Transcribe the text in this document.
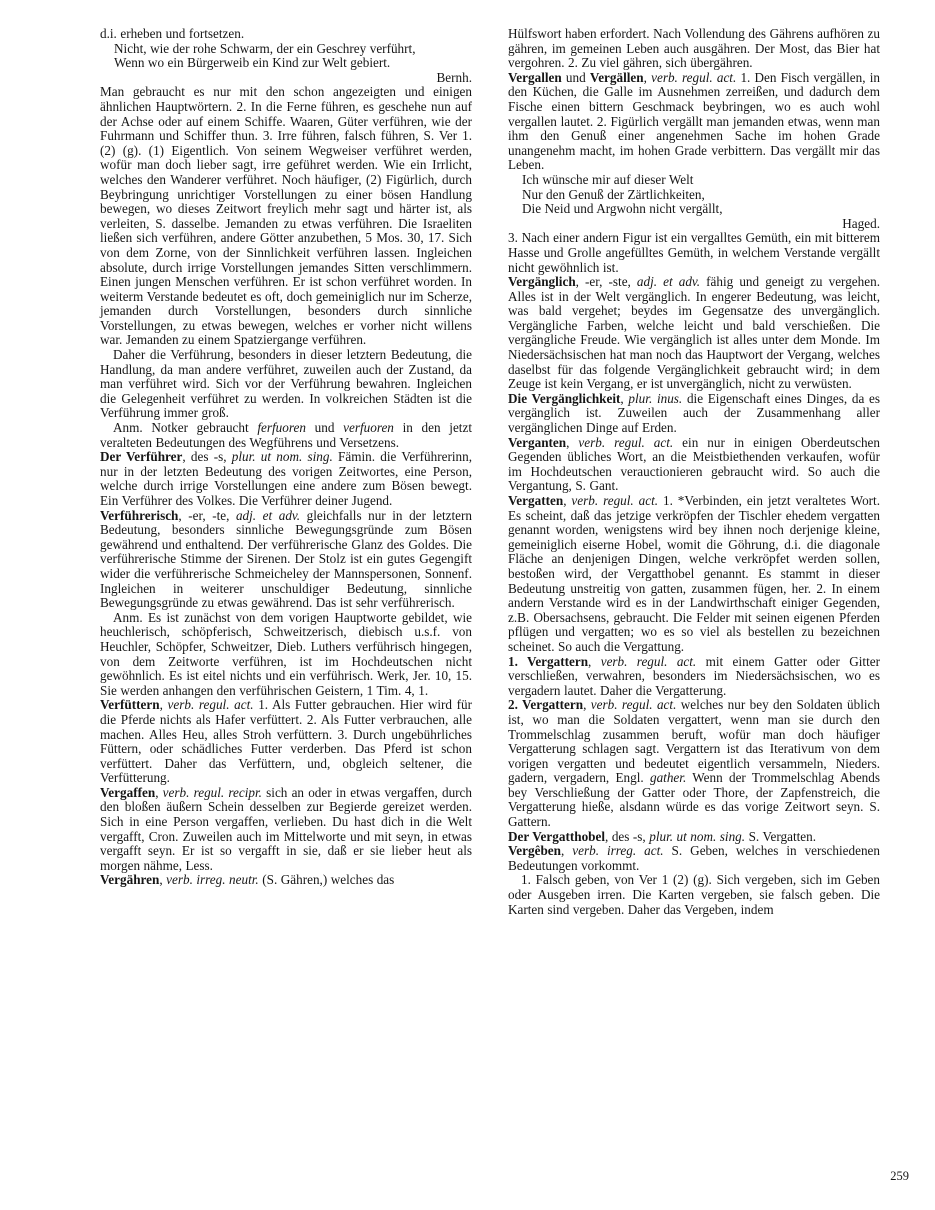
d.i. erheben und fortsetzen.

Nicht, wie der rohe Schwarm, der ein Geschrey verführt,

Wenn wo ein Bürgerweib ein Kind zur Welt gebiert.

Bernh.

Man gebraucht es nur mit den schon angezeigten und einigen ähnlichen Hauptwörtern. 2. In die Ferne führen, es geschehe nun auf der Achse oder auf einem Schiffe. Waaren, Güter verführen, wie der Fuhrmann und Schiffer thun. 3. Irre führen, falsch führen, S. Ver 1. (2) (g). (1) Eigentlich. Von seinem Wegweiser verführet werden, wofür man doch lieber sagt, irre geführet werden. Wie ein Irrlicht, welches den Wanderer verführet. Noch häufiger, (2) Figürlich, durch Beybringung unrichtiger Vorstellungen zu einer bösen Handlung bewegen, wo dieses Zeitwort freylich mehr sagt und härter ist, als verleiten, S. dasselbe. Jemanden zu etwas verführen. Die Israeliten ließen sich verführen, andere Götter anzubethen, 5 Mos. 30, 17. Sich von dem Zorne, von der Sinnlichkeit verführen lassen. Ingleichen absolute, durch irrige Vorstellungen jemandes Sitten verschlimmern. Einen jungen Menschen verführen. Er ist schon verführet worden. In weiterm Verstande bedeutet es oft, doch gemeiniglich nur im Scherze, jemanden durch Vorstellungen, besonders durch sinnliche Vorstellungen, zu etwas bewegen, welches er vorher nicht willens war. Jemanden zu einem Spatziergange verführen.

Daher die Verführung, besonders in dieser letztern Bedeutung, die Handlung, da man andere verführet, zuweilen auch der Zustand, da man verführet wird. Sich vor der Verführung bewahren. Ingleichen die Gelegenheit verführet zu werden. In volkreichen Städten ist die Verführung immer groß.

Anm. Notker gebraucht ferfuoren und verfuoren in den jetzt veralteten Bedeutungen des Wegführens und Versetzens.

Der Verführer, des -s, plur. ut nom. sing. Fämin. die Verführerinn, nur in der letzten Bedeutung des vorigen Zeitwortes, eine Person, welche durch irrige Vorstellungen eine andere zum Bösen bewegt. Ein Verführer des Volkes. Die Verführer deiner Jugend.

Verführerisch, -er, -te, adj. et adv. gleichfalls nur in der letztern Bedeutung, besonders sinnliche Bewegungsgründe zum Bösen gewährend und enthaltend. Der verführerische Glanz des Goldes. Die verführerische Stimme der Sirenen. Der Stolz ist ein gutes Gegengift wider die verführerische Schmeicheley der Mannspersonen, Sonnenf. Ingleichen in weiterer unschuldiger Bedeutung, sinnliche Bewegungsgründe zu etwas gewährend. Das ist sehr verführerisch.

Anm. Es ist zunächst von dem vorigen Hauptworte gebildet, wie heuchlerisch, schöpferisch, Schweitzerisch, diebisch u.s.f. von Heuchler, Schöpfer, Schweitzer, Dieb. Luthers verführisch hingegen, von dem Zeitworte verführen, ist im Hochdeutschen nicht gewöhnlich. Es ist eitel nichts und ein verführisch. Werk, Jer. 10, 15. Sie werden anhangen den verführischen Geistern, 1 Tim. 4, 1.

Verfüttern, verb. regul. act. 1. Als Futter gebrauchen. Hier wird für die Pferde nichts als Hafer verfüttert. 2. Als Futter verbrauchen, alle machen. Alles Heu, alles Stroh verfüttern. 3. Durch ungebührliches Füttern, oder schädliches Futter verderben. Das Pferd ist schon verfüttert. Daher das Verfüttern, und, obgleich seltener, die Verfütterung.

Vergaffen, verb. regul. recipr. sich an oder in etwas vergaffen, durch den bloßen äußern Schein desselben zur Begierde gereizet werden. Sich in eine Person vergaffen, verlieben. Du hast dich in die Welt vergafft, Cron. Zuweilen auch im Mittelworte und mit seyn, in etwas vergafft seyn. Er ist so vergafft in sie, daß er sie lieber heut als morgen nähme, Less.

Vergähren, verb. irreg. neutr. (S. Gähren,) welches das

Hülfswort haben erfordert. Nach Vollendung des Gährens aufhören zu gähren, im gemeinen Leben auch ausgähren. Der Most, das Bier hat vergohren. 2. Zu viel gähren, sich übergähren.

Vergallen und Vergällen, verb. regul. act. 1. Den Fisch vergällen, in den Küchen, die Galle im Ausnehmen zerreißen, und dadurch dem Fische einen bittern Geschmack beybringen, wo es auch wohl vergallen lautet. 2. Figürlich vergällt man jemanden etwas, wenn man ihm den Genuß einer angenehmen Sache im hohen Grade unangenehm macht, im hohen Grade verbittern. Das vergällt mir das Leben.

Ich wünsche mir auf dieser Welt

Nur den Genuß der Zärtlichkeiten,

Die Neid und Argwohn nicht vergällt,

Haged.

3. Nach einer andern Figur ist ein vergalltes Gemüth, ein mit bitterem Hasse und Grolle angefülltes Gemüth, in welchem Verstande vergällt nicht gewöhnlich ist.

Vergänglich, -er, -ste, adj. et adv. fähig und geneigt zu vergehen. Alles ist in der Welt vergänglich. In engerer Bedeutung, was leicht, was bald vergehet; beydes im Gegensatze des unvergänglich. Vergängliche Farben, welche leicht und bald verschießen. Die vergängliche Freude. Wie vergänglich ist alles unter dem Monde. Im Niedersächsischen hat man noch das Hauptwort der Vergang, welches daselbst für das folgende Vergänglichkeit gebraucht wird; in dem Zeuge ist kein Vergang, er ist unvergänglich, nicht zu verwüsten.

Die Vergänglichkeit, plur. inus. die Eigenschaft eines Dinges, da es vergänglich ist. Zuweilen auch der Zusammenhang aller vergänglichen Dinge auf Erden.

Verganten, verb. regul. act. ein nur in einigen Oberdeutschen Gegenden übliches Wort, an die Meistbiethenden verkaufen, wofür im Hochdeutschen verauctionieren gebraucht wird. So auch die Vergantung, S. Gant.

Vergatten, verb. regul. act. 1. *Verbinden, ein jetzt veraltetes Wort. Es scheint, daß das jetzige verkröpfen der Tischler ehedem vergatten genannt worden, wenigstens wird bey ihnen noch derjenige kleine, gemeiniglich eiserne Hobel, womit die Göhrung, d.i. die diagonale Fläche an denjenigen Dingen, welche verkröpfet werden sollen, bestoßen wird, der Vergatthobel genannt. Es stammt in dieser Bedeutung unstreitig von gatten, zusammen fügen, her. 2. In einem andern Verstande wird es in der Landwirthschaft einiger Gegenden, z.B. Obersachsens, gebraucht. Die Felder mit seinen eigenen Pferden pflügen und vergatten; wo es so viel als bestellen zu bezeichnen scheinet. So auch die Vergattung.

1. Vergattern, verb. regul. act. mit einem Gatter oder Gitter verschließen, verwahren, besonders im Niedersächsischen, wo es vergadern lautet. Daher die Vergatterung.

2. Vergattern, verb. regul. act. welches nur bey den Soldaten üblich ist, wo man die Soldaten vergattert, wenn man sie durch den Trommelschlag zusammen beruft, wofür man doch häufiger Vergatterung schlagen sagt. Vergattern ist das Iterativum von dem vorigen vergatten und bedeutet eigentlich versammeln, Nieders. gadern, vergadern, Engl. gather. Wenn der Trommelschlag Abends bey Verschließung der Gatter oder Thore, der Zapfenstreich, die Vergatterung hieße, alsdann würde es das vorige Zeitwort seyn. S. Gattern.

Der Vergatthobel, des -s, plur. ut nom. sing. S. Vergatten.

Vergêben, verb. irreg. act. S. Geben, welches in verschiedenen Bedeutungen vorkommt.

1. Falsch geben, von Ver 1 (2) (g). Sich vergeben, sich im Geben oder Ausgeben irren. Die Karten vergeben, sie falsch geben. Die Karten sind vergeben. Daher das Vergeben, indem

259
